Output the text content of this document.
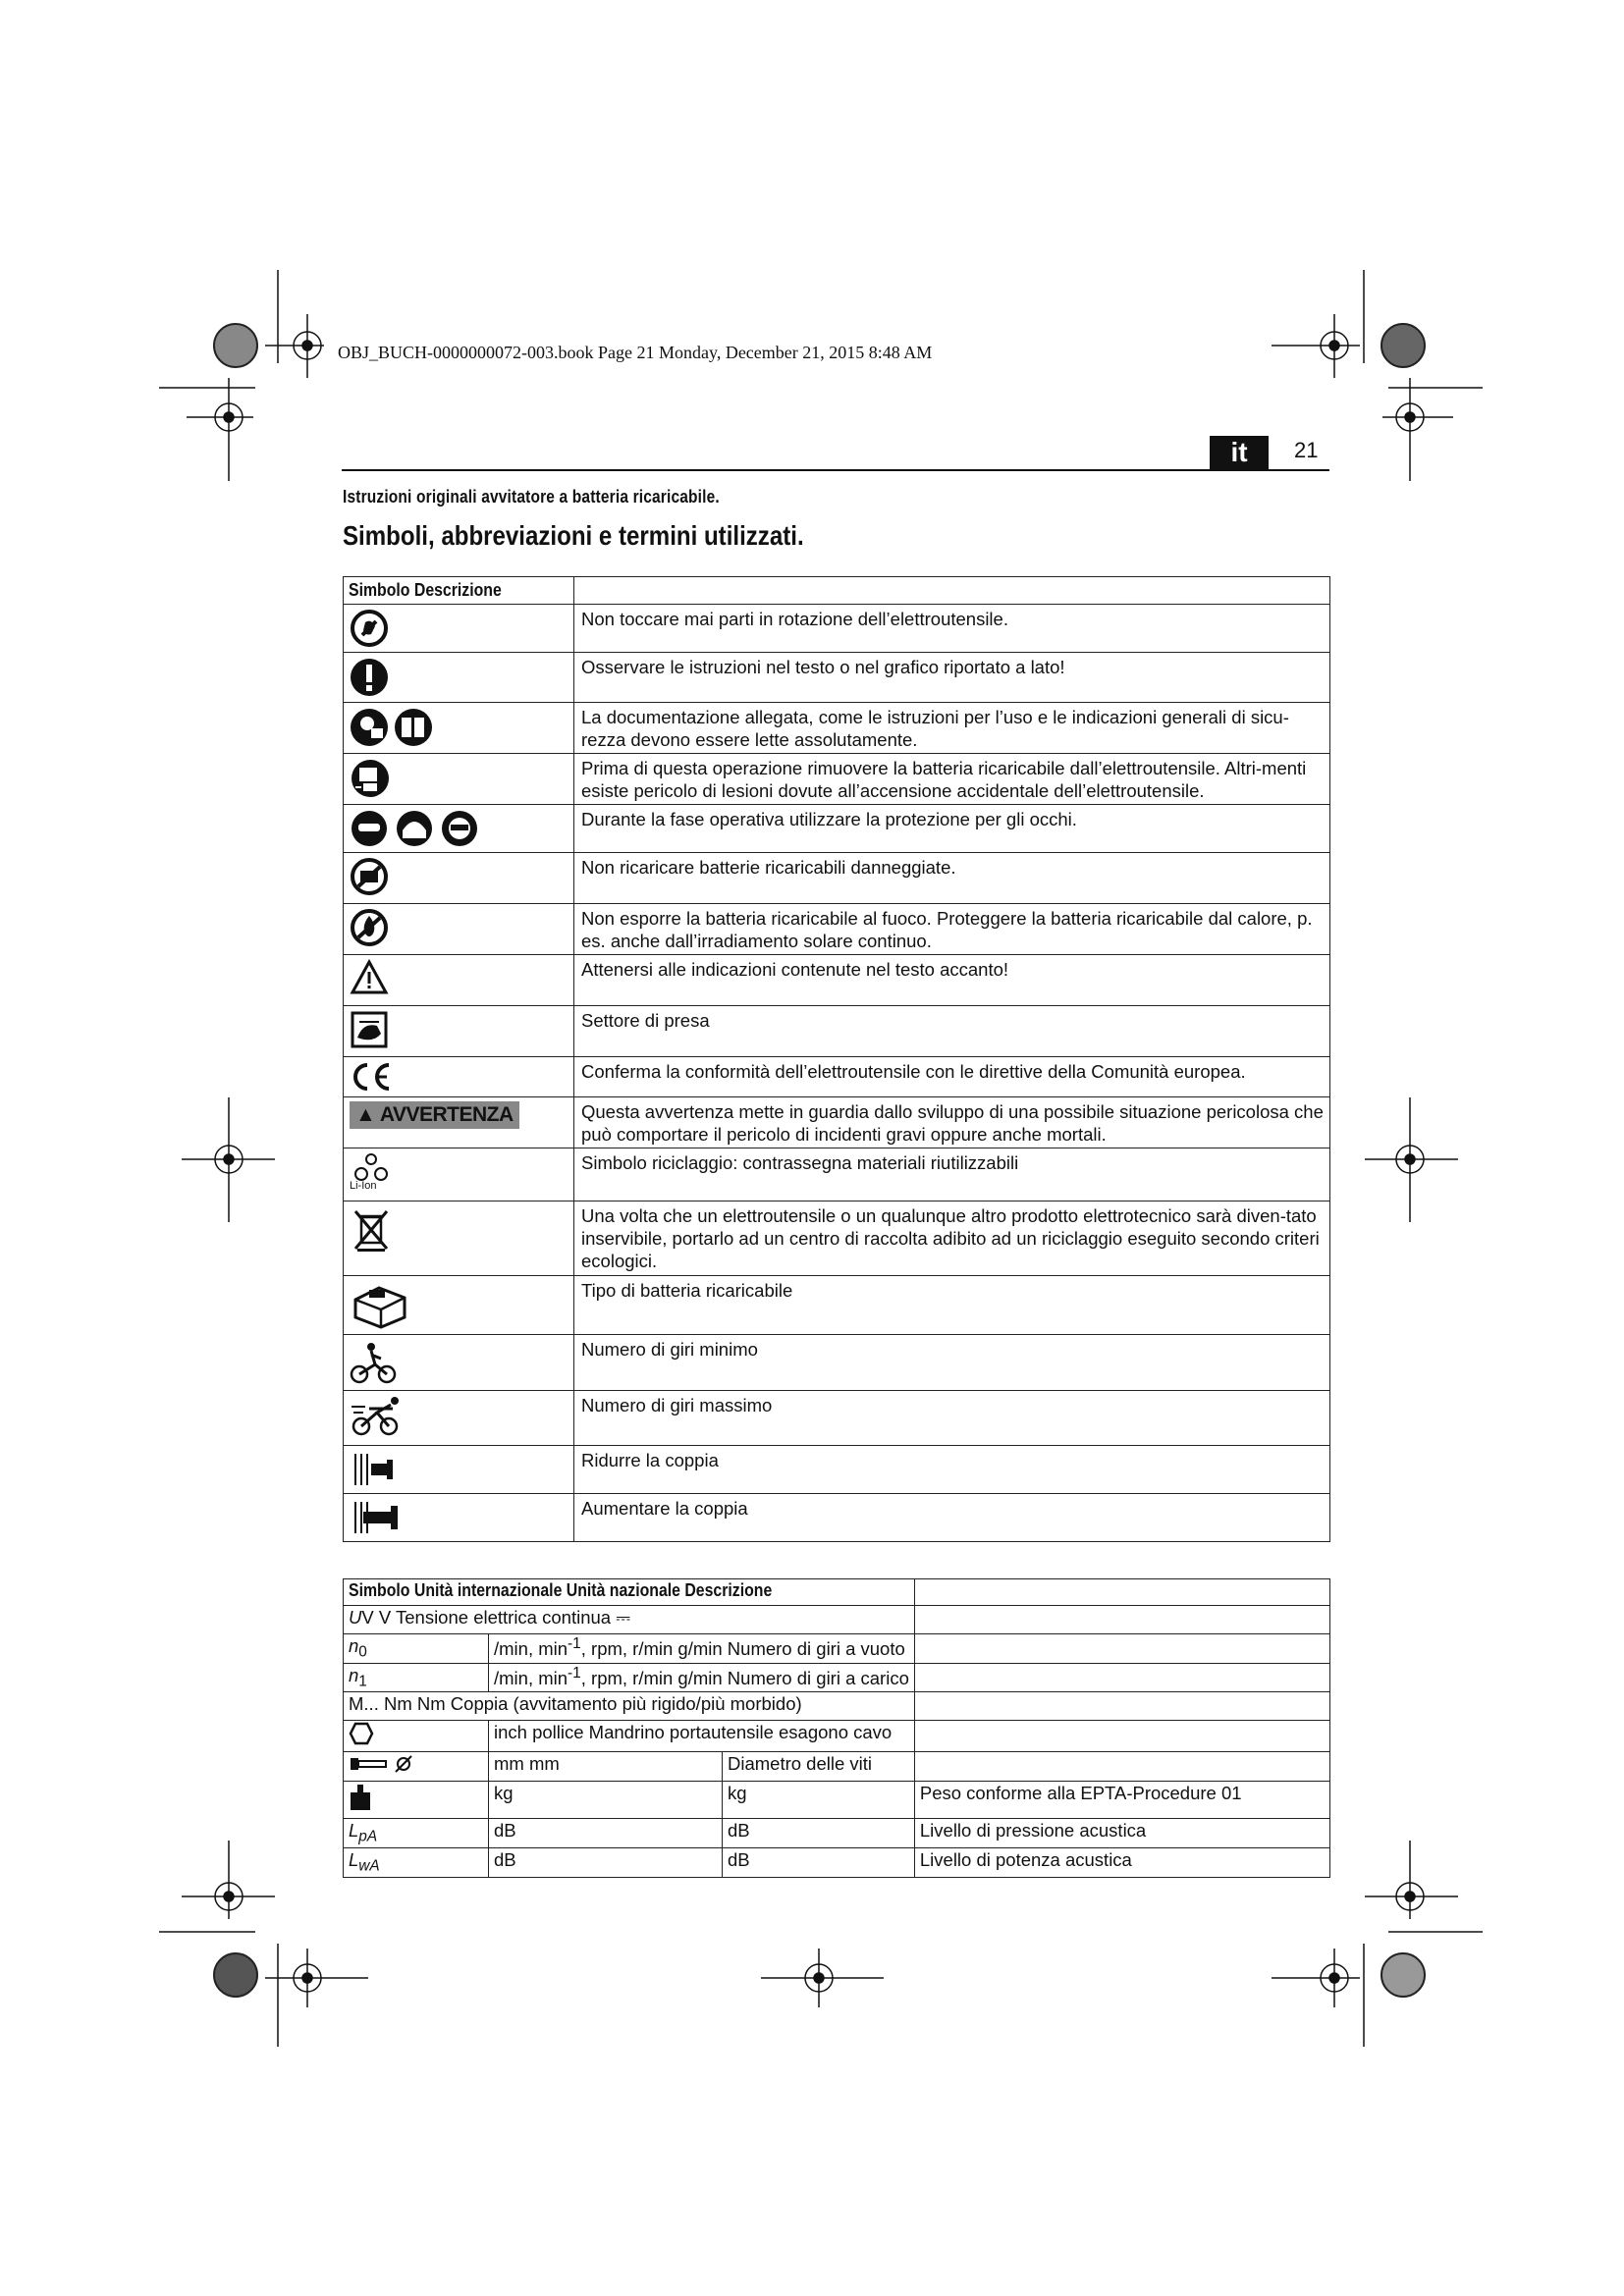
OBJ_BUCH-0000000072-003.book Page 21 Monday, December 21, 2015 8:48 AM
it	21
Istruzioni originali avvitatore a batteria ricaricabile.
Simboli, abbreviazioni e termini utilizzati.
Simbolo Descrizione	
	Non toccare mai parti in rotazione dell’elettroutensile.
	Osservare le istruzioni nel testo o nel grafico riportato a lato!
	La documentazione allegata, come le istruzioni per l’uso e le indicazioni generali di sicu-rezza devono essere lette assolutamente.
	Prima di questa operazione rimuovere la batteria ricaricabile dall’elettroutensile. Altri-menti esiste pericolo di lesioni dovute all’accensione accidentale dell’elettroutensile.
	Durante la fase operativa utilizzare la protezione per gli occhi.
	Non ricaricare batterie ricaricabili danneggiate.
	Non esporre la batteria ricaricabile al fuoco. Proteggere la batteria ricaricabile dal calore, p. es. anche dall’irradiamento solare continuo.
	Attenersi alle indicazioni contenute nel testo accanto!
	Settore di presa
	Conferma la conformità dell’elettroutensile con le direttive della Comunità europea.
▲ AVVERTENZA	Questa avvertenza mette in guardia dallo sviluppo di una possibile situazione pericolosa che può comportare il pericolo di incidenti gravi oppure anche mortali.

Li-Ion	Simbolo riciclaggio: contrassegna materiali riutilizzabili
	Una volta che un elettroutensile o un qualunque altro prodotto elettrotecnico sarà diven-tato inservibile, portarlo ad un centro di raccolta adibito ad un riciclaggio eseguito secondo criteri ecologici.
	Tipo di batteria ricaricabile
	Numero di giri minimo
	Numero di giri massimo
	Ridurre la coppia
	Aumentare la coppia
Simbolo Unità internazionale Unità nazionale Descrizione			
UV V Tensione elettrica continua ⎓			
$n_0$	/min, $\min^{-1}$, rpm, r/min g/min Numero di giri a vuoto		
$n_1$	/min, $\min^{-1}$, rpm, r/min g/min Numero di giri a carico		
M... Nm Nm Coppia (avvitamento più rigido/più morbido)			
	inch pollice Mandrino portautensile esagono cavo		
	mm mm	Diametro delle viti	
	kg	kg	Peso conforme alla EPTA-Procedure 01
$L_{pA}$	dB	dB	Livello di pressione acustica
$L_{wA}$	dB	dB	Livello di potenza acustica
